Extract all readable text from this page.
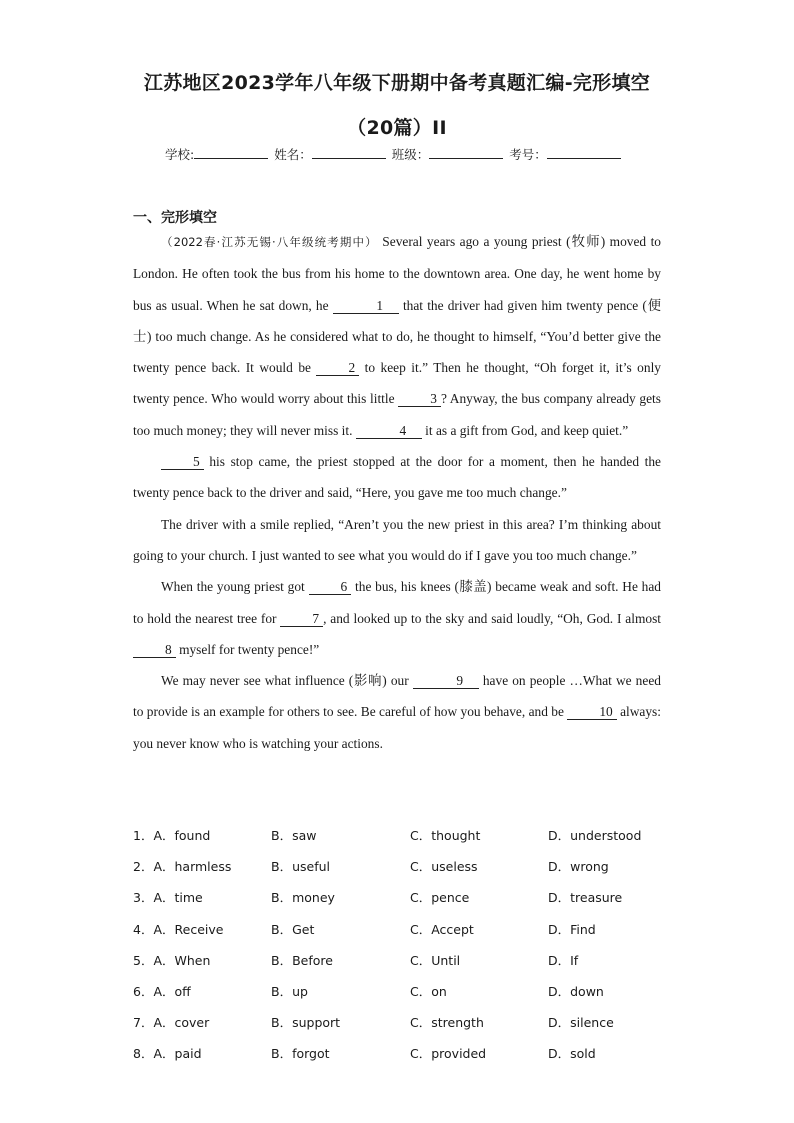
江苏地区2023学年八年级下册期中备考真题汇编-完形填空
（20篇）II
学校:	姓名：	班级：	考号：
一、完形填空

（2022春·江苏无锡·八年级统考期中） Several years ago a young priest (牧师) moved to London. He often took the bus from his home to the downtown area. One day, he went home by bus as usual. When he sat down, he	1 that the driver had given him twenty pence (便士) too much change. As he considered what to do, he thought to himself, “You’d better give the twenty pence back. It would be	2 to keep it.” Then he thought, “Oh forget it, it’s only twenty pence. Who would worry about this little	3 ? Anyway, the bus company already gets too much money; they will never miss it.	4 it as a gift from God, and keep quiet.”

5 his stop came, the priest stopped at the door for a moment, then he handed the twenty pence back to the driver and said, “Here, you gave me too much change.”

The driver with a smile replied, “Aren’t you the new priest in this area? I’m thinking about going to your church. I just wanted to see what you would do if I gave you too much change.”

When the young priest got	6 the bus, his knees (膝盖) became weak and soft. He had to hold the nearest tree for	7 , and looked up to the sky and said loudly, “Oh, God. I almost 8 myself for twenty pence!”

We may never see what influence (影响) our	9 have on people …What we need to provide is an example for others to see. Be careful of how you behave, and be	10 always: you never know who is watching your actions.

1．A．found	B．saw	C．thought	D．understood
2．A．harmless	B．useful	C．useless	D．wrong
3．A．time	B．money	C．pence	D．treasure
4．A．Receive	B．Get	C．Accept	D．Find
5．A．When	B．Before	C．Until	D．If
6．A．off	B．up	C．on	D．down
7．A．cover	B．support	C．strength	D．silence
8．A．paid	B．forgot	C．provided	D．sold
